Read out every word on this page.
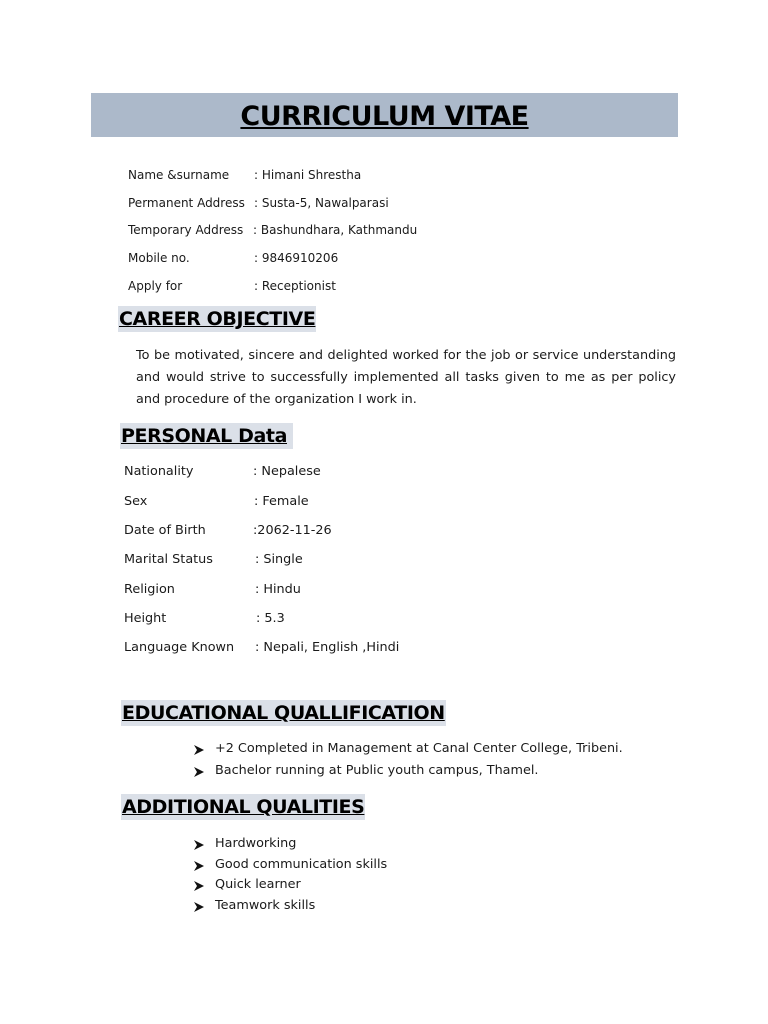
CURRICULUM VITAE
Name &surname : Himani Shrestha
Permanent Address : Susta-5, Nawalparasi
Temporary Address : Bashundhara, Kathmandu
Mobile no.	: 9846910206
Apply for	: Receptionist
CAREER OBJECTIVE
To be motivated, sincere and delighted worked for the job or service understanding and would strive to successfully implemented all tasks given to me as per policy and procedure of the organization I work in.
PERSONAL Data
Nationality	: Nepalese
Sex	: Female
Date of Birth	:2062-11-26
Marital Status	: Single
Religion	: Hindu
Height	: 5.3
Language Known : Nepali, English ,Hindi
EDUCATIONAL QUALLIFICATION
+2 Completed in Management at Canal Center College, Tribeni.
Bachelor running at Public youth campus, Thamel.
ADDITIONAL QUALITIES
Hardworking
Good communication skills
Quick learner
Teamwork skills
